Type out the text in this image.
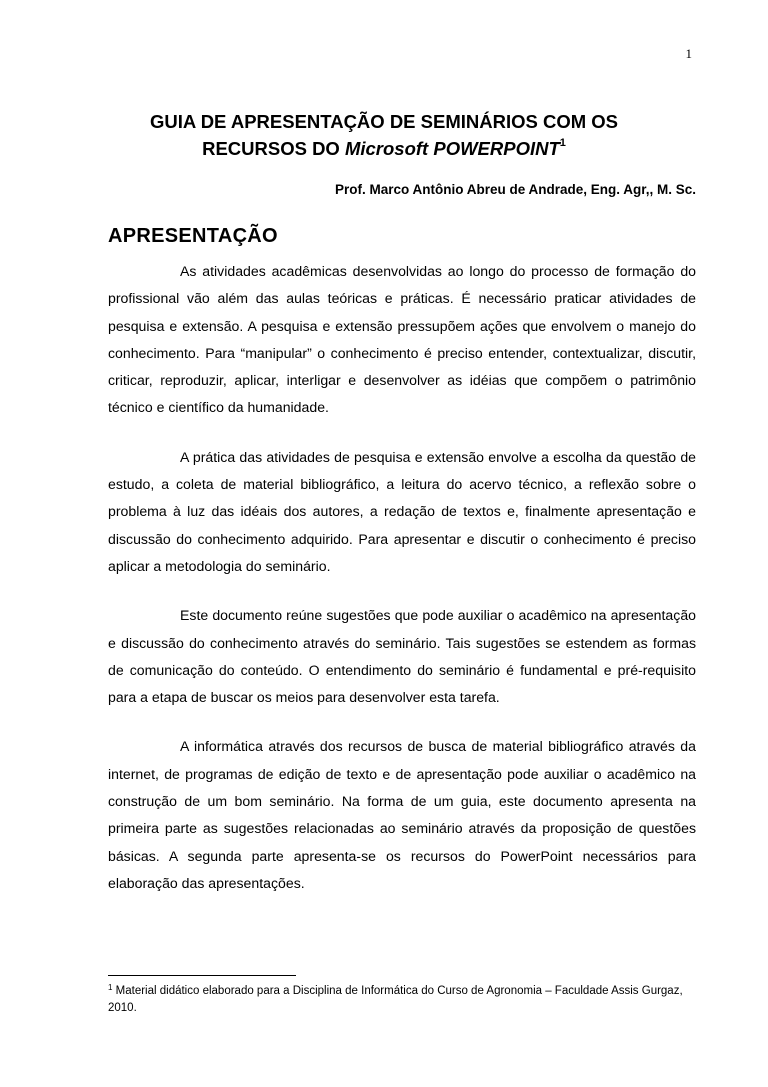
1
GUIA DE APRESENTAÇÃO DE SEMINÁRIOS COM OS
RECURSOS DO Microsoft POWERPOINT$^1$
Prof. Marco Antônio Abreu de Andrade, Eng. Agr,, M. Sc.
APRESENTAÇÃO

As atividades acadêmicas desenvolvidas ao longo do processo de formação do profissional vão além das aulas teóricas e práticas. É necessário praticar atividades de pesquisa e extensão. A pesquisa e extensão pressupõem ações que envolvem o manejo do conhecimento. Para “manipular” o conhecimento é preciso entender, contextualizar, discutir, criticar, reproduzir, aplicar, interligar e desenvolver as idéias que compõem o patrimônio técnico e científico da humanidade.

A prática das atividades de pesquisa e extensão envolve a escolha da questão de estudo, a coleta de material bibliográfico, a leitura do acervo técnico, a reflexão sobre o problema à luz das idéais dos autores, a redação de textos e, finalmente apresentação e discussão do conhecimento adquirido. Para apresentar e discutir o conhecimento é preciso aplicar a metodologia do seminário.

Este documento reúne sugestões que pode auxiliar o acadêmico na apresentação e discussão do conhecimento através do seminário. Tais sugestões se estendem as formas de comunicação do conteúdo. O entendimento do seminário é fundamental e pré-requisito para a etapa de buscar os meios para desenvolver esta tarefa.

A informática através dos recursos de busca de material bibliográfico através da internet, de programas de edição de texto e de apresentação pode auxiliar o acadêmico na construção de um bom seminário. Na forma de um guia, este documento apresenta na primeira parte as sugestões relacionadas ao seminário através da proposição de questões básicas. A segunda parte apresenta-se os recursos do PowerPoint necessários para elaboração das apresentações.

$^1$ Material didático elaborado para a Disciplina de Informática do Curso de Agronomia – Faculdade Assis Gurgaz, 2010.
